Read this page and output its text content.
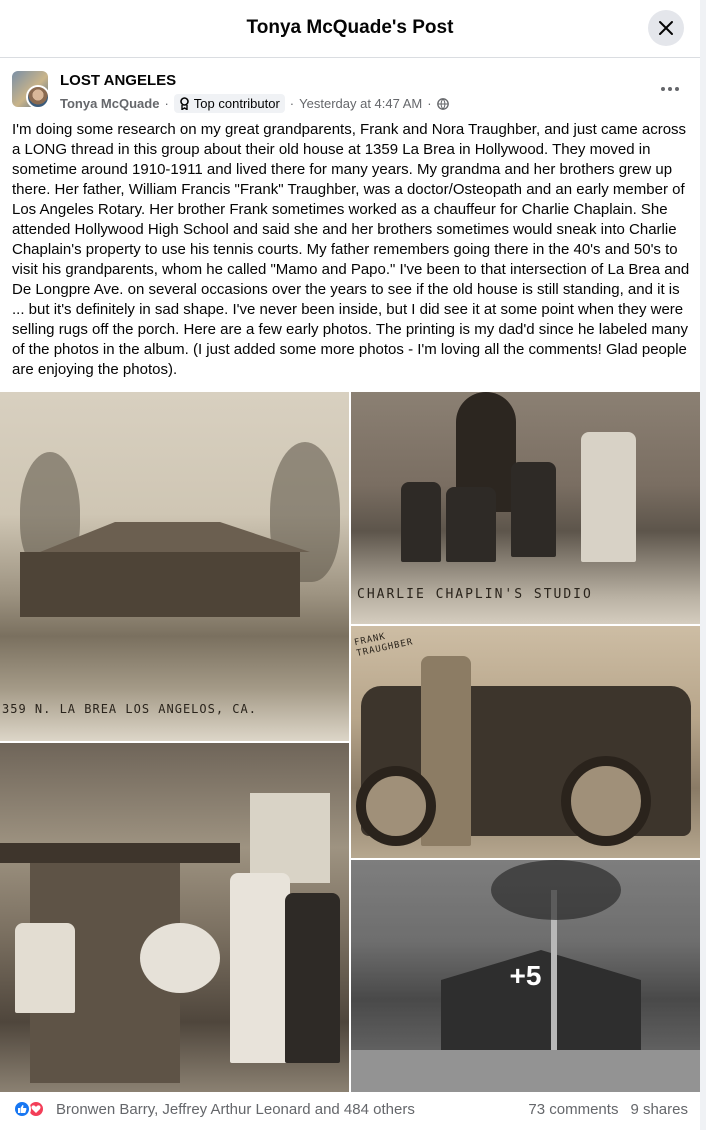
Tonya McQuade's Post
LOST ANGELES
Tonya McQuade · Top contributor · Yesterday at 4:47 AM ·
I'm doing some research on my great grandparents, Frank and Nora Traughber, and just came across a LONG thread in this group about their old house at 1359 La Brea in Hollywood. They moved in sometime around 1910-1911 and lived there for many years. My grandma and her brothers grew up there. Her father, William Francis "Frank" Traughber, was a doctor/Osteopath and an early member of Los Angeles Rotary. Her brother Frank sometimes worked as a chauffeur for Charlie Chaplain. She attended Hollywood High School and said she and her brothers sometimes would sneak into Charlie Chaplain's property to use his tennis courts. My father remembers going there in the 40's and 50's to visit his grandparents, whom he called "Mamo and Papo." I've been to that intersection of La Brea and De Longpre Ave. on several occasions over the years to see if the old house is still standing, and it is ... but it's definitely in sad shape. I've never been inside, but I did see it at some point when they were selling rugs off the porch. Here are a few early photos. The printing is my dad'd since he labeled many of the photos in the album. (I just added some more photos - I'm loving all the comments! Glad people are enjoying the photos).
359 N. LA BREA LOS ANGELOS, CA.
CHARLIE CHAPLIN'S STUDIO
FRANK TRAUGHBER
+5
Bronwen Barry, Jeffrey Arthur Leonard and 484 others	73 comments 9 shares
